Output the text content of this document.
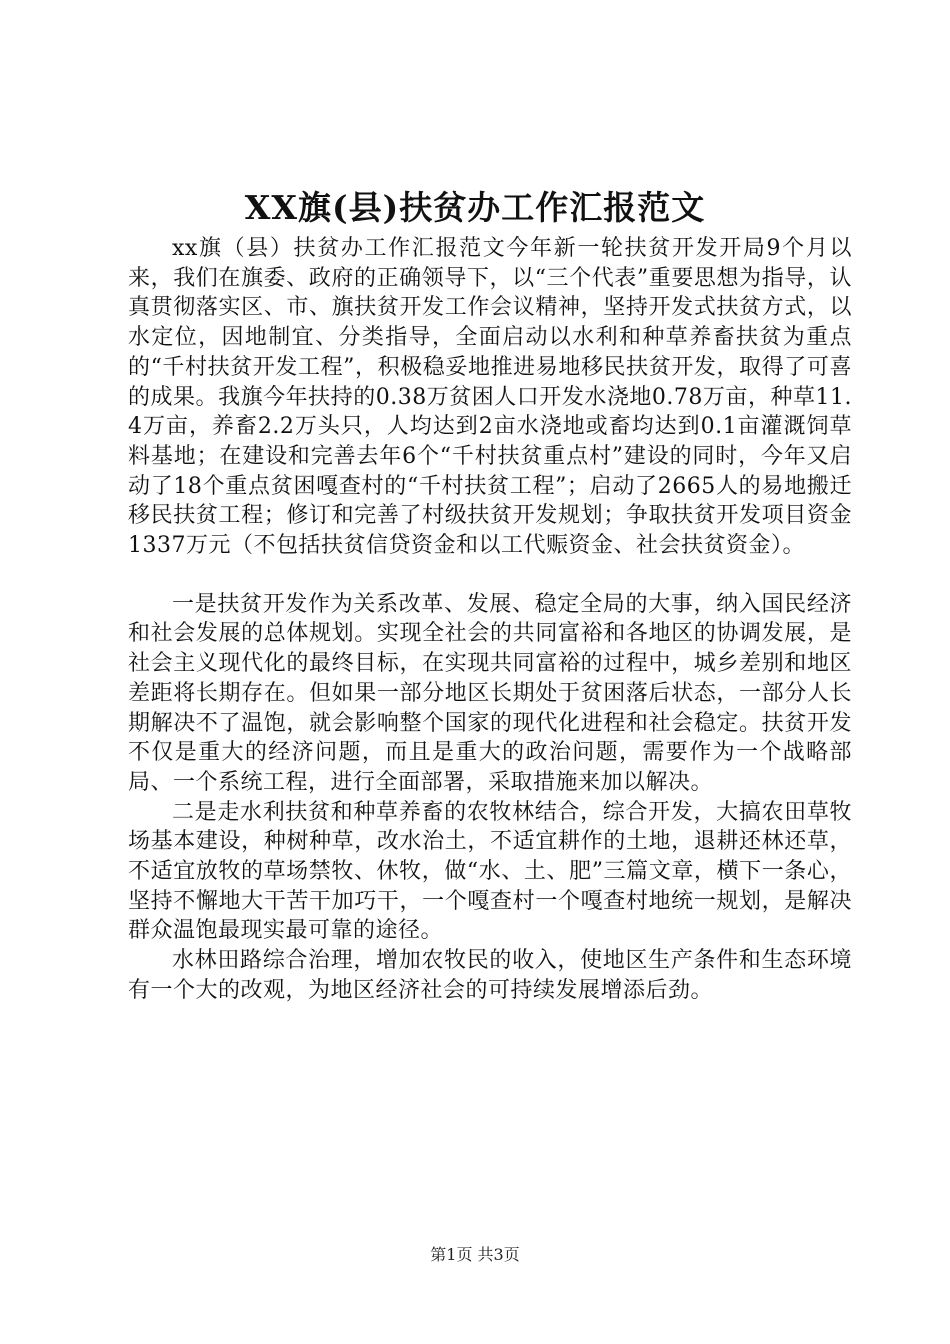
XX旗(县)扶贫办工作汇报范文

xx旗（县）扶贫办工作汇报范文今年新一轮扶贫开发开局9个月以来，我们在旗委、政府的正确领导下，以“三个代表”重要思想为指导，认真贯彻落实区、市、旗扶贫开发工作会议精神，坚持开发式扶贫方式，以水定位，因地制宜、分类指导，全面启动以水利和种草养畜扶贫为重点的“千村扶贫开发工程”，积极稳妥地推进易地移民扶贫开发，取得了可喜的成果。我旗今年扶持的0.38万贫困人口开发水浇地0.78万亩，种草11.4万亩，养畜2.2万头只，人均达到2亩水浇地或畜均达到0.1亩灌溉饲草料基地；在建设和完善去年6个“千村扶贫重点村”建设的同时，今年又启动了18个重点贫困嘎查村的“千村扶贫工程”；启动了2665人的易地搬迁移民扶贫工程；修订和完善了村级扶贫开发规划；争取扶贫开发项目资金1337万元（不包括扶贫信贷资金和以工代赈资金、社会扶贫资金）。

一是扶贫开发作为关系改革、发展、稳定全局的大事，纳入国民经济和社会发展的总体规划。实现全社会的共同富裕和各地区的协调发展，是社会主义现代化的最终目标，在实现共同富裕的过程中，城乡差别和地区差距将长期存在。但如果一部分地区长期处于贫困落后状态，一部分人长期解决不了温饱，就会影响整个国家的现代化进程和社会稳定。扶贫开发不仅是重大的经济问题，而且是重大的政治问题，需要作为一个战略部局、一个系统工程，进行全面部署，采取措施来加以解决。

二是走水利扶贫和种草养畜的农牧林结合，综合开发，大搞农田草牧场基本建设，种树种草，改水治土，不适宜耕作的土地，退耕还林还草，不适宜放牧的草场禁牧、休牧，做“水、土、肥”三篇文章，横下一条心，坚持不懈地大干苦干加巧干，一个嘎查村一个嘎查村地统一规划，是解决群众温饱最现实最可靠的途径。

水林田路综合治理，增加农牧民的收入，使地区生产条件和生态环境有一个大的改观，为地区经济社会的可持续发展增添后劲。

第1页 共3页
